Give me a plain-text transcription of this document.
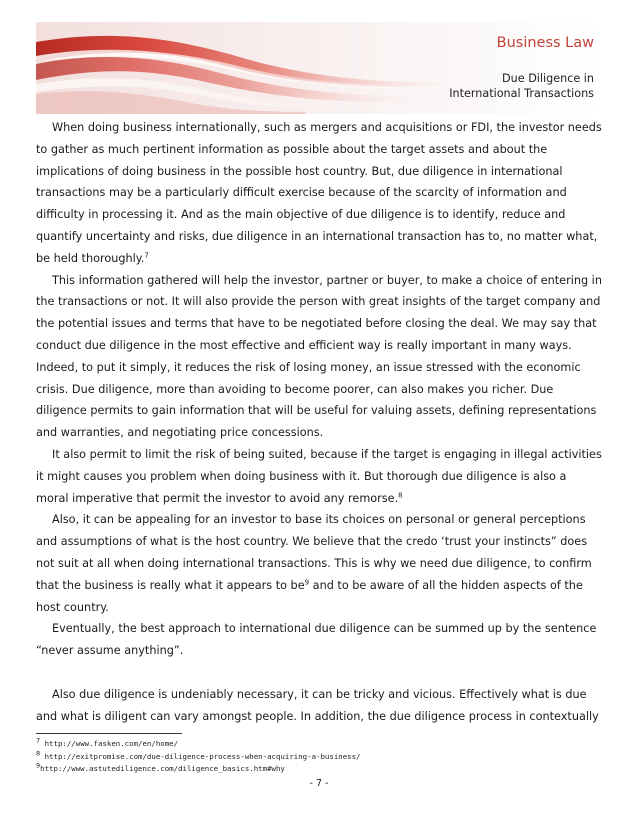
Business Law
Due Diligence in
International Transactions

When doing business internationally, such as mergers and acquisitions or FDI, the investor needs to gather as much pertinent information as possible about the target assets and about the implications of doing business in the possible host country. But, due diligence in international transactions may be a particularly difficult exercise because of the scarcity of information and difficulty in processing it. And as the main objective of due diligence is to identify, reduce and quantify uncertainty and risks, due diligence in an international transaction has to, no matter what, be held thoroughly.$^7$

This information gathered will help the investor, partner or buyer, to make a choice of entering in the transactions or not. It will also provide the person with great insights of the target company and the potential issues and terms that have to be negotiated before closing the deal. We may say that conduct due diligence in the most effective and efficient way is really important in many ways. Indeed, to put it simply, it reduces the risk of losing money, an issue stressed with the economic crisis. Due diligence, more than avoiding to become poorer, can also makes you richer. Due diligence permits to gain information that will be useful for valuing assets, defining representations and warranties, and negotiating price concessions.

It also permit to limit the risk of being suited, because if the target is engaging in illegal activities it might causes you problem when doing business with it. But thorough due diligence is also a moral imperative that permit the investor to avoid any remorse.$^8$

Also, it can be appealing for an investor to base its choices on personal or general perceptions and assumptions of what is the host country. We believe that the credo ‘trust your instincts” does not suit at all when doing international transactions. This is why we need due diligence, to confirm that the business is really what it appears to $be^9$ and to be aware of all the hidden aspects of the host country.

Eventually, the best approach to international due diligence can be summed up by the sentence “never assume anything”.

Also due diligence is undeniably necessary, it can be tricky and vicious. Effectively what is due and what is diligent can vary amongst people. In addition, the due diligence process in contextually

$^7$ http://www.fasken.com/en/home/
$^8$ http://exitpromise.com/due-diligence-process-when-acquiring-a-business/
$^9$http://www.astutediligence.com/diligence_basics.htm#why
- 7 -
